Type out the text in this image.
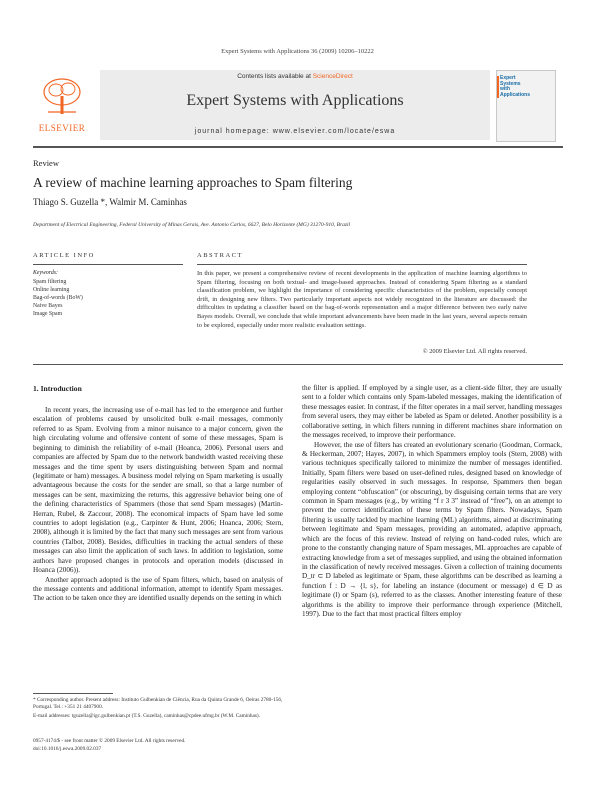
Expert Systems with Applications 36 (2009) 10206–10222
ELSEVIER
Contents lists available at ScienceDirect
Expert Systems with Applications
journal homepage: www.elsevier.com/locate/eswa
Expert
Systems
with
Applications
Review
A review of machine learning approaches to Spam filtering
Thiago S. Guzella *, Walmir M. Caminhas
Department of Electrical Engineering, Federal University of Minas Gerais, Ave. Antonio Carlos, 6627, Belo Horizonte (MG) 31270-910, Brazil
ARTICLE INFO	ABSTRACT
Keywords:
Spam filtering
Online learning
Bag-of-words (BoW)
Naive Bayes
Image Spam
In this paper, we present a comprehensive review of recent developments in the application of machine learning algorithms to Spam filtering, focusing on both textual- and image-based approaches. Instead of considering Spam filtering as a standard classification problem, we highlight the importance of considering specific characteristics of the problem, especially concept drift, in designing new filters. Two particularly important aspects not widely recognized in the literature are discussed: the difficulties in updating a classifier based on the bag-of-words representation and a major difference between two early naive Bayes models. Overall, we conclude that while important advancements have been made in the last years, several aspects remain to be explored, especially under more realistic evaluation settings.
© 2009 Elsevier Ltd. All rights reserved.
1. Introduction

In recent years, the increasing use of e-mail has led to the emergence and further escalation of problems caused by unsolicited bulk e-mail messages, commonly referred to as Spam. Evolving from a minor nuisance to a major concern, given the high circulating volume and offensive content of some of these messages, Spam is beginning to diminish the reliability of e-mail (Hoanca, 2006). Personal users and companies are affected by Spam due to the network bandwidth wasted receiving these messages and the time spent by users distinguishing between Spam and normal (legitimate or ham) messages. A business model relying on Spam marketing is usually advantageous because the costs for the sender are small, so that a large number of messages can be sent, maximizing the returns, this aggressive behavior being one of the defining characteristics of Spammers (those that send Spam messages) (Martin-Herran, Rubel, & Zaccour, 2008). The economical impacts of Spam have led some countries to adopt legislation (e.g., Carpinter & Hunt, 2006; Hoanca, 2006; Stern, 2008), although it is limited by the fact that many such messages are sent from various countries (Talbot, 2008). Besides, difficulties in tracking the actual senders of these messages can also limit the application of such laws. In addition to legislation, some authors have proposed changes in protocols and operation models (discussed in Hoanca (2006)).

Another approach adopted is the use of Spam filters, which, based on analysis of the message contents and additional information, attempt to identify Spam messages. The action to be taken once they are identified usually depends on the setting in which

the filter is applied. If employed by a single user, as a client-side filter, they are usually sent to a folder which contains only Spam-labeled messages, making the identification of these messages easier. In contrast, if the filter operates in a mail server, handling messages from several users, they may either be labeled as Spam or deleted. Another possibility is a collaborative setting, in which filters running in different machines share information on the messages received, to improve their performance.

However, the use of filters has created an evolutionary scenario (Goodman, Cormack, & Heckerman, 2007; Hayes, 2007), in which Spammers employ tools (Stern, 2008) with various techniques specifically tailored to minimize the number of messages identified. Initially, Spam filters were based on user-defined rules, designed based on knowledge of regularities easily observed in such messages. In response, Spammers then began employing content “obfuscation” (or obscuring), by disguising certain terms that are very common in Spam messages (e.g., by writing “f r 3 3” instead of “free”), on an attempt to prevent the correct identification of these terms by Spam filters. Nowadays, Spam filtering is usually tackled by machine learning (ML) algorithms, aimed at discriminating between legitimate and Spam messages, providing an automated, adaptive approach, which are the focus of this review. Instead of relying on hand-coded rules, which are prone to the constantly changing nature of Spam messages, ML approaches are capable of extracting knowledge from a set of messages supplied, and using the obtained information in the classification of newly received messages. Given a collection of training documents D_tr ⊂ D labeled as legitimate or Spam, these algorithms can be described as learning a function f : D → {l, s}, for labeling an instance (document or message) d ∈ D as legitimate (l) or Spam (s), referred to as the classes. Another interesting feature of these algorithms is the ability to improve their performance through experience (Mitchell, 1997). Due to the fact that most practical filters employ

* Corresponding author. Present address: Instituto Gulbenkian de Ciência, Rua da Quinta Grande 6, Oeiras 2780-156, Portugal. Tel.: +351 21 4407900.
E-mail addresses: tguzella@igc.gulbenkian.pt (T.S. Guzella), caminhas@cpdee.ufmg.br (W.M. Caminhas).
0957-4174/$ - see front matter © 2009 Elsevier Ltd. All rights reserved.
doi:10.1016/j.eswa.2009.02.037
